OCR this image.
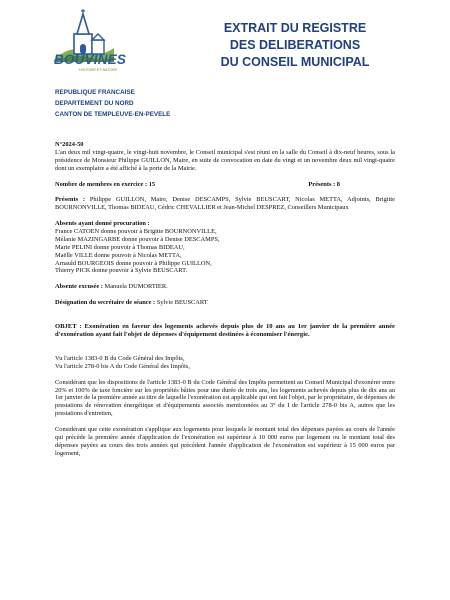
BOUVINES
HISTOIRE ET NATURE
EXTRAIT DU REGISTRE
DES DELIBERATIONS
DU CONSEIL MUNICIPAL
REPUBLIQUE FRANCAISE
DEPARTEMENT DU NORD
CANTON DE TEMPLEUVE-EN-PEVELE

N°2024-50

L'an deux mil vingt-quatre, le vingt-huit novembre, le Conseil municipal s'est réuni en la salle du Conseil à dix-neuf heures, sous la présidence de Monsieur Philippe GUILLON, Maire, en suite de convocation en date du vingt et un novembre deux mil vingt-quatre dont un exemplaire a été affiché à la porte de la Mairie.

Nombre de membres en exercice : 15	Présents : 8

Présents : Philippe GUILLON, Maire, Denise DESCAMPS, Sylvie BEUSCART, Nicolas METTA, Adjoints, Brigitte BOURNONVILLE, Thomas BIDEAU, Cédric CHEVALLIER et Jean-Michel DESPREZ, Conseillers Municipaux

Absents ayant donné procuration :

France CATOEN donne pouvoir à Brigitte BOURNONVILLE,

Mélanie MAZINGARBE donne pouvoir à Denise DESCAMPS,

Marie PELINI donne pouvoir à Thomas BIDEAU,

Maëlle VILLE donne pouvoir à Nicolas METTA,

Arnauld BOURGEOIS donne pouvoir à Philippe GUILLON,

Thierry PICK donne pouvoir à Sylvie BEUSCART.

Absente excusée : Manuela DUMORTIER.

Désignation du secrétaire de séance : Sylvie BEUSCART

OBJET : Exonération en faveur des logements achevés depuis plus de 10 ans au 1er janvier de la première année d'exonération ayant fait l'objet de dépenses d'équipement destinées à économiser l'énergie.

Vu l'article 1383-0 B du Code Général des Impôts,

Vu l'article 278-0 bis A du Code Général des Impôts,

Considérant que les dispositions de l'article 1383-0 B du Code Général des Impôts permettent au Conseil Municipal d'exonérer entre 20% et 100% de taxe foncière sur les propriétés bâties pour une durée de trois ans, les logements achevés depuis plus de dix ans au 1er janvier de la première année au titre de laquelle l'exonération est applicable qui ont fait l'objet, par le propriétaire, de dépenses de prestations de rénovation énergétique et d'équipements associés mentionnées au 3° du I de l'article 278-0 bis A, autres que les prestations d'entretien,

Considérant que cette exonération s'applique aux logements pour lesquels le montant total des dépenses payées au cours de l'année qui précède la première année d'application de l'exonération est supérieur à 10 000 euros par logement ou le montant total des dépenses payées au cours des trois années qui précèdent l'année d'application de l'exonération est supérieur à 15 000 euros par logement,
